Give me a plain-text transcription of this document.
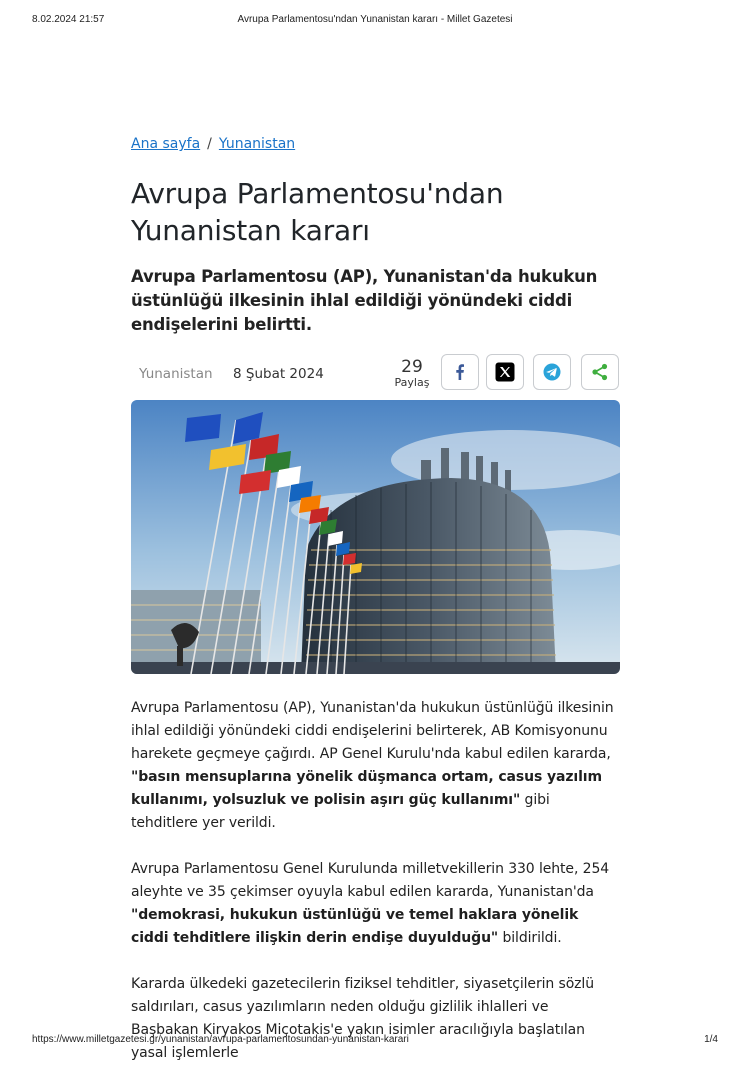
8.02.2024 21:57	Avrupa Parlamentosu'ndan Yunanistan kararı - Millet Gazetesi
Ana sayfa / Yunanistan
Avrupa Parlamentosu'ndan Yunanistan kararı

Avrupa Parlamentosu (AP), Yunanistan'da hukukun üstünlüğü ilkesinin ihlal edildiği yönündeki ciddi endişelerini belirtti.

Yunanistan 8 Şubat 2024	29
Paylaş

Avrupa Parlamentosu (AP), Yunanistan'da hukukun üstünlüğü ilkesinin ihlal edildiği yönündeki ciddi endişelerini belirterek, AB Komisyonunu harekete geçmeye çağırdı. AP Genel Kurulu'nda kabul edilen kararda, "basın mensuplarına yönelik düşmanca ortam, casus yazılım kullanımı, yolsuzluk ve polisin aşırı güç kullanımı" gibi tehditlere yer verildi.

Avrupa Parlamentosu Genel Kurulunda milletvekillerin 330 lehte, 254 aleyhte ve 35 çekimser oyuyla kabul edilen kararda, Yunanistan'da "demokrasi, hukukun üstünlüğü ve temel haklara yönelik ciddi tehditlere ilişkin derin endişe duyulduğu" bildirildi.

Kararda ülkedeki gazetecilerin fiziksel tehditler, siyasetçilerin sözlü saldırıları, casus yazılımların neden olduğu gizlilik ihlalleri ve Başbakan Kiryakos Miçotakis'e yakın isimler aracılığıyla başlatılan yasal işlemlerle

https://www.milletgazetesi.gr/yunanistan/avrupa-parlamentosundan-yunanistan-karari	1/4
